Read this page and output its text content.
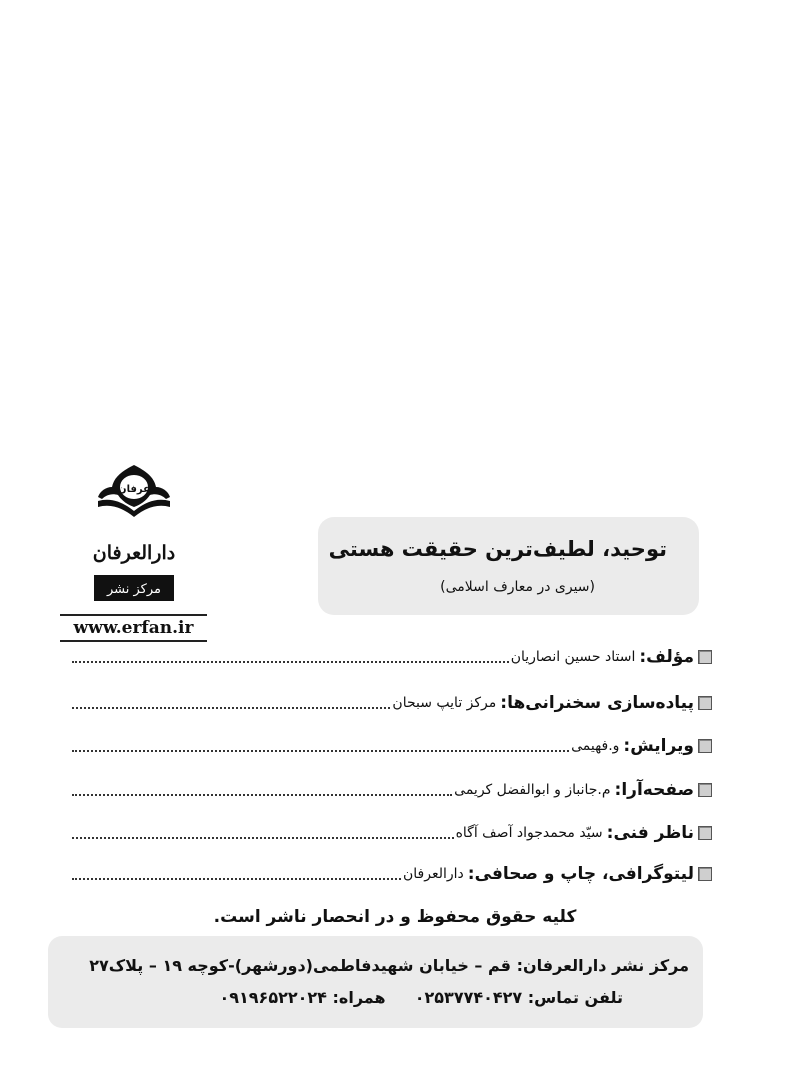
توحید، لطیف‌ترین حقیقت هستی
(سیری در معارف اسلامی)
عرفان
دارالعرفان
مرکز نشر
www.erfan.ir
مؤلف:
استاد حسین انصاریان
پیاده‌سازی سخنرانی‌ها:
مرکز تایپ سبحان
ویرایش:
و.فهیمی
صفحه‌آرا:
م.جانباز و ابوالفضل کریمی
ناظر فنی:
سیّد محمدجواد آصف آگاه
لیتوگرافی، چاپ و صحافی:
دارالعرفان
کلیه حقوق محفوظ و در انحصار ناشر است.
مرکز نشر دارالعرفان: قم – خیابان شهیدفاطمی(دورشهر)-کوچه ۱۹ – پلاک۲۷
تلفن تماس: ۰۲۵۳۷۷۴۰۴۲۷  همراه: ۰۹۱۹۶۵۲۲۰۲۴
